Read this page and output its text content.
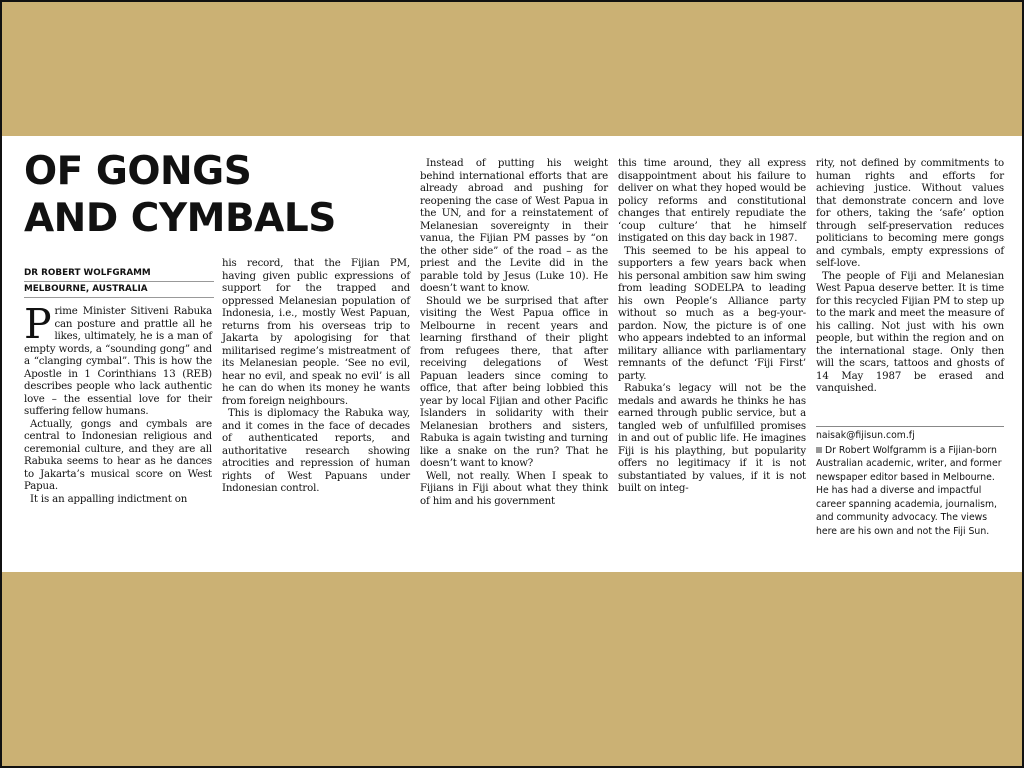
OF GONGS
AND CYMBALS
DR ROBERT WOLFGRAMM
MELBOURNE, AUSTRALIA

Prime Minister Sitiveni Rabuka can posture and prattle all he likes, ultimately, he is a man of empty words, a “sounding gong” and a “clanging cymbal”. This is how the Apostle in 1 Corinthians 13 (REB) describes people who lack authentic love – the essential love for their suffering fellow humans.

Actually, gongs and cymbals are central to Indonesian religious and ceremonial culture, and they are all Rabuka seems to hear as he dances to Jakarta’s musical score on West Papua.

It is an appalling indictment on

his record, that the Fijian PM, having given public expressions of support for the trapped and oppressed Melanesian population of Indonesia, i.e., mostly West Papuan, returns from his overseas trip to Jakarta by apologising for that militarised regime’s mistreatment of its Melanesian people. ‘See no evil, hear no evil, and speak no evil’ is all he can do when its money he wants from foreign neighbours.

This is diplomacy the Rabuka way, and it comes in the face of decades of authenticated reports, and authoritative research showing atrocities and repression of human rights of West Papuans under Indonesian control.

Instead of putting his weight behind international efforts that are already abroad and pushing for reopening the case of West Papua in the UN, and for a reinstatement of Melanesian sovereignty in their vanua, the Fijian PM passes by “on the other side” of the road – as the priest and the Levite did in the parable told by Jesus (Luke 10). He doesn’t want to know.

Should we be surprised that after visiting the West Papua office in Melbourne in recent years and learning firsthand of their plight from refugees there, that after receiving delegations of West Papuan leaders since coming to office, that after being lobbied this year by local Fijian and other Pacific Islanders in solidarity with their Melanesian brothers and sisters, Rabuka is again twisting and turning like a snake on the run? That he doesn’t want to know?

Well, not really. When I speak to Fijians in Fiji about what they think of him and his government

this time around, they all express disappointment about his failure to deliver on what they hoped would be policy reforms and constitutional changes that entirely repudiate the ‘coup culture’ that he himself instigated on this day back in 1987.

This seemed to be his appeal to supporters a few years back when his personal ambition saw him swing from leading SODELPA to leading his own People’s Alliance party without so much as a beg-your-pardon. Now, the picture is of one who appears indebted to an informal military alliance with parliamentary remnants of the defunct ‘Fiji First’ party.

Rabuka’s legacy will not be the medals and awards he thinks he has earned through public service, but a tangled web of unfulfilled promises in and out of public life. He imagines Fiji is his plaything, but popularity offers no legitimacy if it is not substantiated by values, if it is not built on integ-

rity, not defined by commitments to human rights and efforts for achieving justice. Without values that demonstrate concern and love for others, taking the ‘safe’ option through self-preservation reduces politicians to becoming mere gongs and cymbals, empty expressions of self-love.

The people of Fiji and Melanesian West Papua deserve better. It is time for this recycled Fijian PM to step up to the mark and meet the measure of his calling. Not just with his own people, but within the region and on the international stage. Only then will the scars, tattoos and ghosts of 14 May 1987 be erased and vanquished.

naisak@fijisun.com.fj
Dr Robert Wolfgramm is a Fijian-born Australian academic, writer, and former newspaper editor based in Melbourne. He has had a diverse and impactful career spanning academia, journalism, and community advocacy. The views here are his own and not the Fiji Sun.
